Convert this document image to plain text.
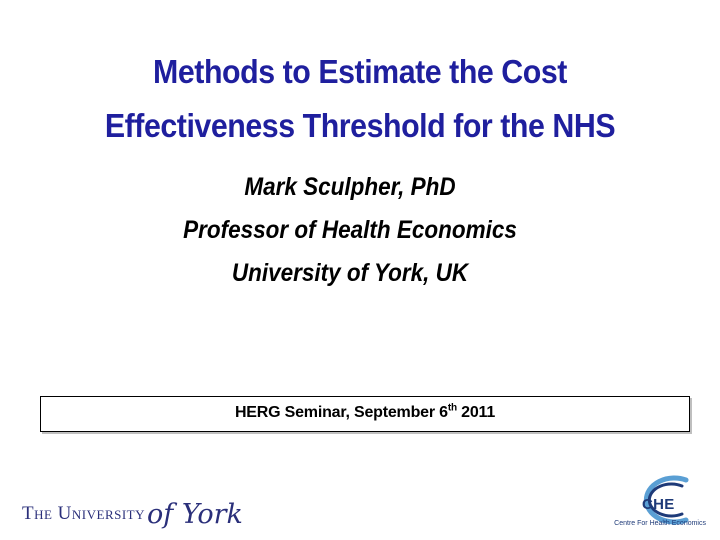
Methods to Estimate the Cost
Effectiveness Threshold for the NHS
Mark Sculpher, PhD
Professor of Health Economics
University of York, UK
HERG Seminar, September 6th 2011
The University of York	CHE
Centre For Health Economics
